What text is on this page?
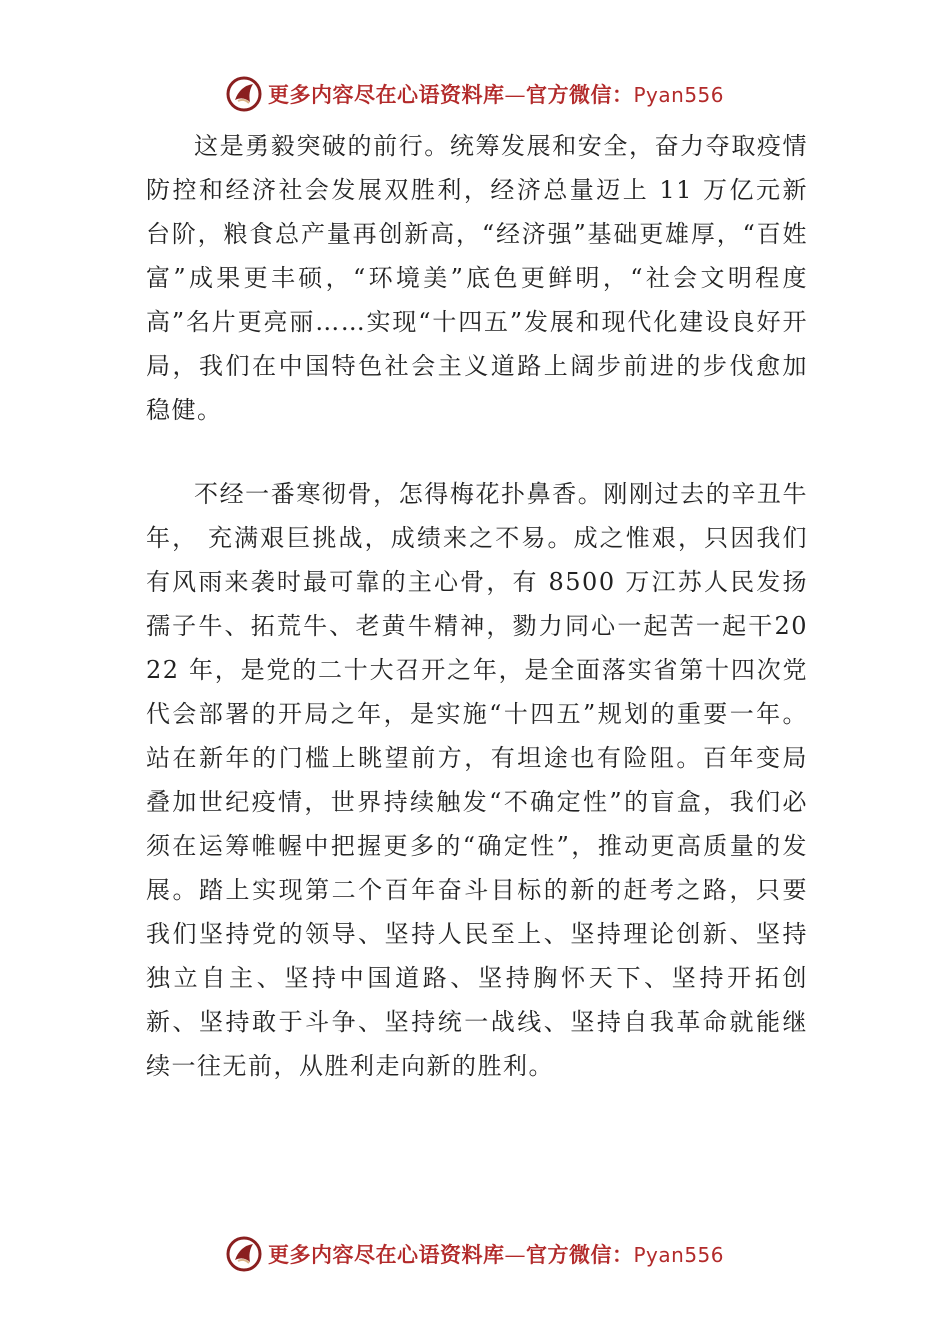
更多内容尽在心语资料库—官方微信：Pyan556

这是勇毅突破的前行。统筹发展和安全，奋力夺取疫情防控和经济社会发展双胜利，经济总量迈上 11 万亿元新台阶，粮食总产量再创新高，“经济强”基础更雄厚，“百姓富”成果更丰硕，“环境美”底色更鲜明，“社会文明程度高”名片更亮丽……实现“十四五”发展和现代化建设良好开局，我们在中国特色社会主义道路上阔步前进的步伐愈加稳健。

不经一番寒彻骨，怎得梅花扑鼻香。刚刚过去的辛丑牛年， 充满艰巨挑战，成绩来之不易。成之惟艰，只因我们有风雨来袭时最可靠的主心骨，有 8500 万江苏人民发扬孺子牛、拓荒牛、老黄牛精神，勠力同心一起苦一起干2022 年，是党的二十大召开之年，是全面落实省第十四次党代会部署的开局之年，是实施“十四五”规划的重要一年。站在新年的门槛上眺望前方，有坦途也有险阻。百年变局叠加世纪疫情，世界持续触发“不确定性”的盲盒，我们必须在运筹帷幄中把握更多的“确定性”，推动更高质量的发展。踏上实现第二个百年奋斗目标的新的赶考之路，只要我们坚持党的领导、坚持人民至上、坚持理论创新、坚持独立自主、坚持中国道路、坚持胸怀天下、坚持开拓创新、坚持敢于斗争、坚持统一战线、坚持自我革命就能继续一往无前，从胜利走向新的胜利。

更多内容尽在心语资料库—官方微信：Pyan556
